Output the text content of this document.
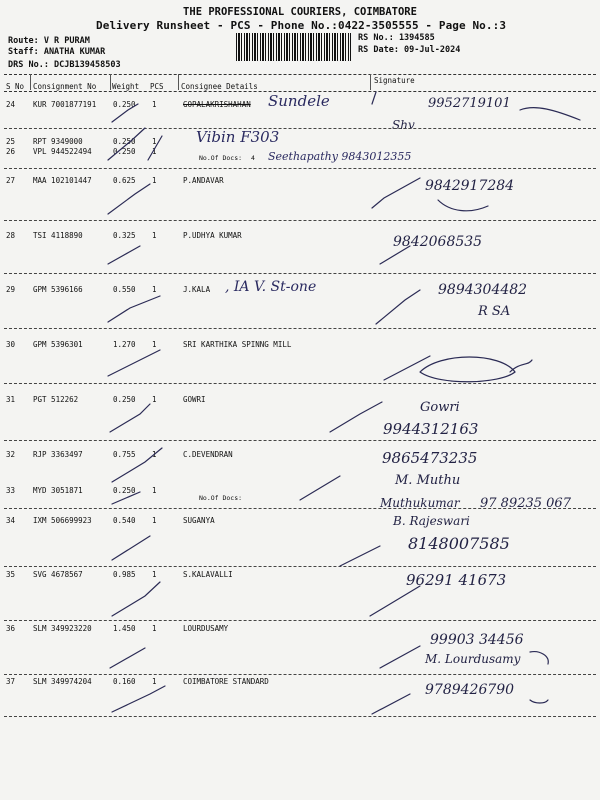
THE PROFESSIONAL COURIERS, COIMBATORE
Delivery Runsheet - PCS - Phone No.:0422-3505555 - Page No.:3
Route: V R PURAM
Staff: ANATHA KUMAR
DRS No.: DCJB139458503
RS No.: 1394585
RS Date: 09-Jul-2024
S No Consignment No Weight PCS Consignee Details
Signature
24 KUR 7001877191 0.250 1	GOPALAKRISHAHAN Sundele
Shv
9952719101
25 RPT 9349000	0.250 1
26 VPL 944522494	0.250 1
Vibin F303
No.Of Docs: 4 Seethapathy 9843012355
27 MAA 102101447	0.625 1	P.ANDAVAR	9842917284
28 TSI 4118890	0.325 1	P.UDHYA KUMAR	9842068535
29 GPM 5396166	0.550 1	J.KALA , IA V. St-one	9894304482
R SA
30 GPM 5396301	1.270 1	SRI KARTHIKA SPINNG MILL
31 PGT 512262	0.250 1	GOWRI
Gowri
9944312163
32 RJP 3363497	0.755 1	C.DEVENDRAN	9865473235
M. Muthu
33 MYD 3051871	0.250 1
No.Of Docs:	Muthukumar 97 89235 067
34 IXM 506699923	0.540 1	SUGANYA	B. Rajeswari
8148007585
35 SVG 4678567	0.985 1	S.KALAVALLI	96291 41673
36 SLM 349923220	1.450 1	LOURDUSAMY
99903 34456
M. Lourdusamy
37 SLM 349974204	0.160 1	COIMBATORE STANDARD
9789426790
